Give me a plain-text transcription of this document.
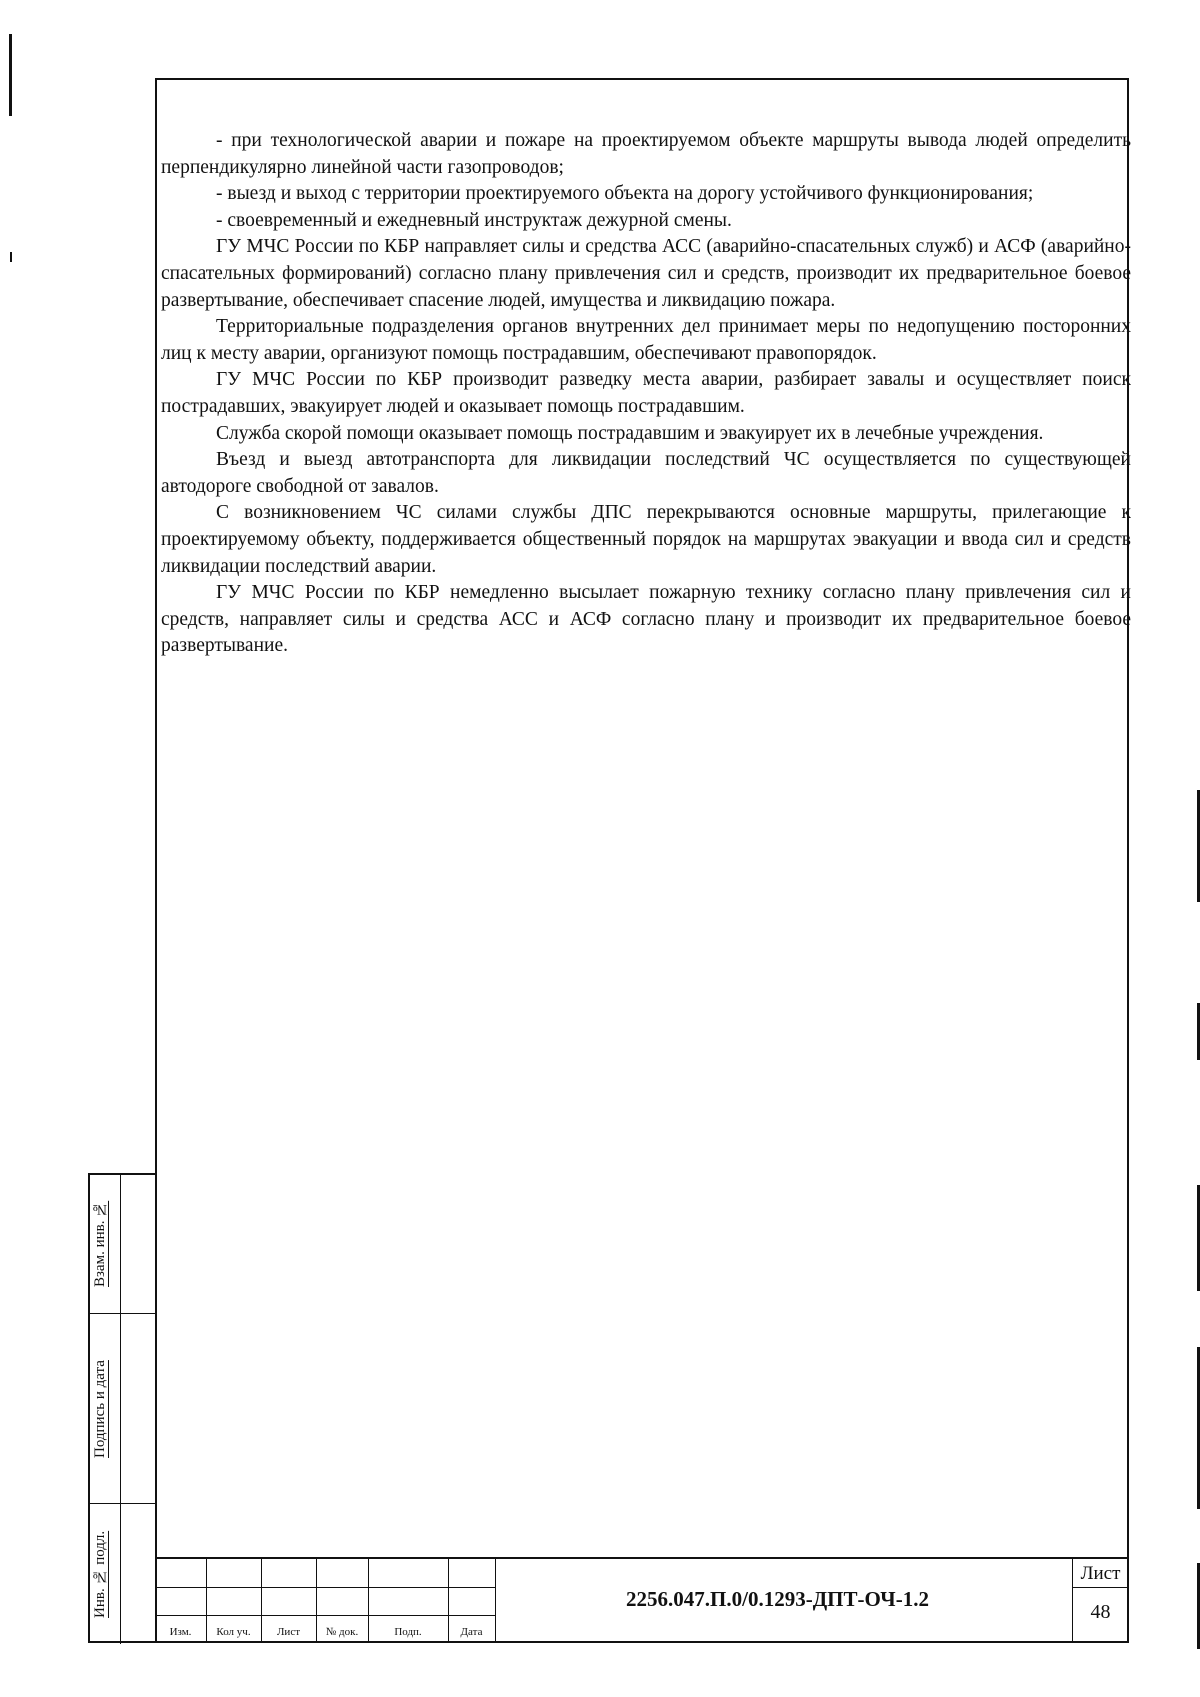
- при технологической аварии и пожаре на проектируемом объекте маршруты вывода людей определить перпендикулярно линейной части газопроводов;

- выезд и выход с территории проектируемого объекта на дорогу устойчивого функционирования;

- своевременный и ежедневный инструктаж дежурной смены.

ГУ МЧС России по КБР направляет силы и средства АСС (аварийно-спасательных служб) и АСФ (аварийно-спасательных формирований) согласно плану привлечения сил и средств, производит их предварительное боевое развертывание, обеспечивает спасение людей, имущества и ликвидацию пожара.

Территориальные подразделения органов внутренних дел принимает меры по недопущению посторонних лиц к месту аварии, организуют помощь пострадавшим, обеспечивают правопорядок.

ГУ МЧС России по КБР производит разведку места аварии, разбирает завалы и осуществляет поиск пострадавших, эвакуирует людей и оказывает помощь пострадавшим.

Служба скорой помощи оказывает помощь пострадавшим и эвакуирует их в лечебные учреждения.

Въезд и выезд автотранспорта для ликвидации последствий ЧС осуществляется по существующей автодороге свободной от завалов.

С возникновением ЧС силами службы ДПС перекрываются основные маршруты, прилегающие к проектируемому объекту, поддерживается общественный порядок на маршрутах эвакуации и ввода сил и средств ликвидации последствий аварии.

ГУ МЧС России по КБР немедленно высылает пожарную технику согласно плану привлечения сил и средств, направляет силы и средства АСС и АСФ согласно плану и производит их предварительное боевое развертывание.

Взам. инв. №
Подпись и дата
Инв. № подл.
Изм.	Кол уч.	Лист	№ док.	Подп.	Дата
2256.047.П.0/0.1293-ДПТ-ОЧ-1.2
Лист
48
